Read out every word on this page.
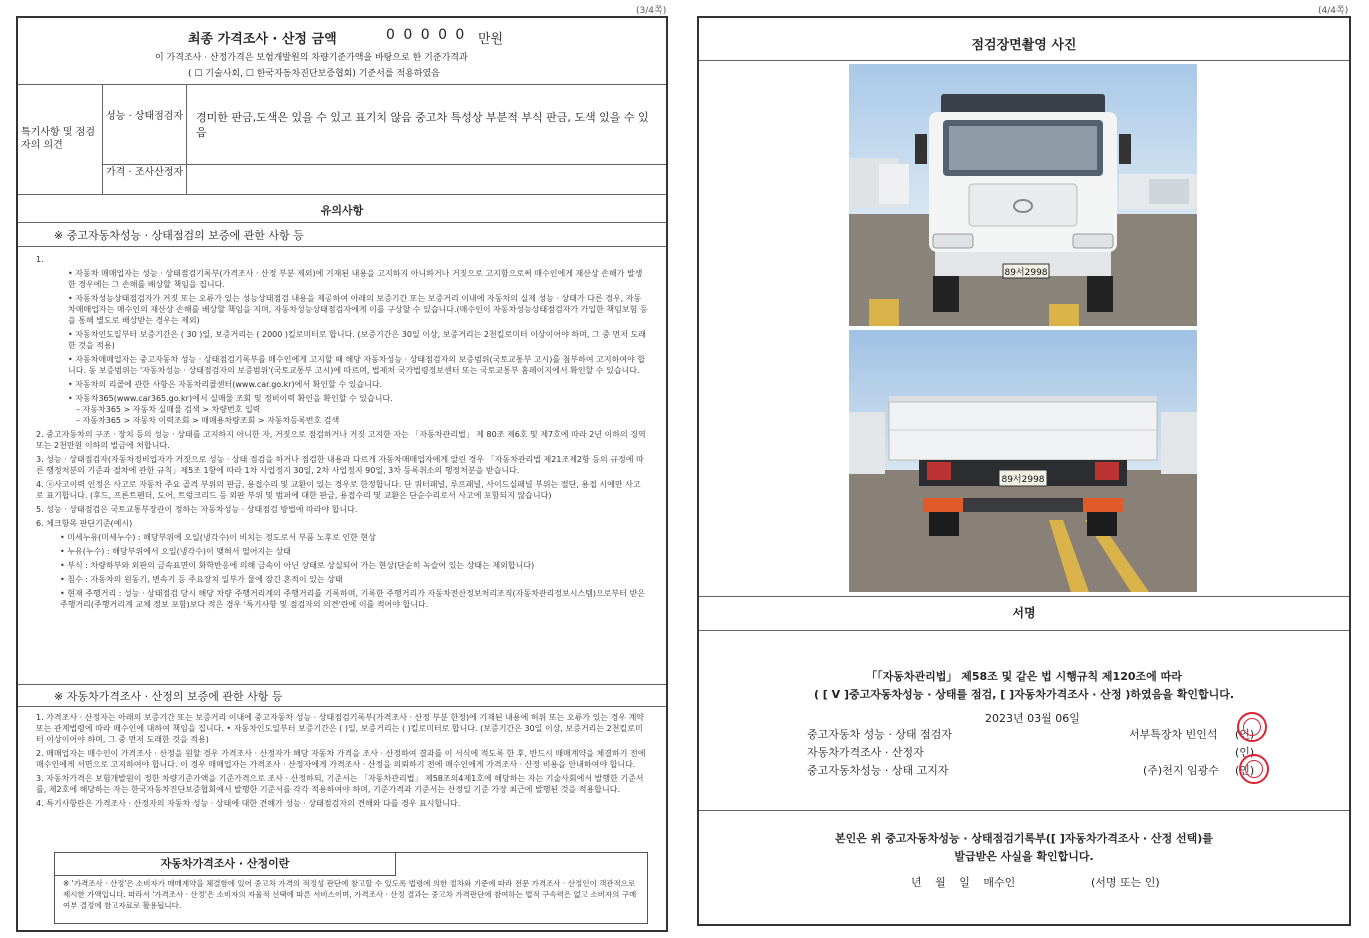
(3/4쪽)
최종 가격조사 · 산정 금액	0 0 0 0 0 만원
이 가격조사 · 산정가격은 보험개발원의 차량기준가액을 바탕으로 한 기준가격과
( ☐ 기술사회, ☐ 한국자동차진단보증협회) 기준서를 적용하였음
특기사항 및 점검자의 의견
성능 · 상태점검자 경미한 판금,도색은 있을 수 있고 표기치 않음 중고차 특성상 부분적 부식 판금, 도색 있을 수 있음
가격 · 조사산정자
유의사항
※ 중고자동차성능 · 상태점검의 보증에 관한 사항 등
1.
• 자동차 매매업자는 성능 · 상태점검기록부(가격조사 · 산정 부분 제외)에 기재된 내용을 고지하지 아니하거나 거짓으로 고지함으로써 매수인에게 재산상 손해가 발생한 경우에는 그 손해를 배상할 책임을 집니다.
• 자동차성능상태점검자가 거짓 또는 오류가 있는 성능상태점검 내용을 제공하여 아래의 보증기간 또는 보증거리 이내에 자동차의 실제 성능 · 상태가 다른 경우, 자동차매매업자는 매수인의 재산상 손해를 배상할 책임을 지며, 자동차성능상태점검자에게 이를 구상할 수 있습니다.(매수인이 자동차성능상태점검자가 가입한 책임보험 등을 통해 별도로 배상받는 경우는 제외)
• 자동차인도일부터 보증기간은 ( 30 )일, 보증거리는 ( 2000 )킬로미터로 합니다. (보증기간은 30일 이상, 보증거리는 2천킬로미터 이상이어야 하며, 그 중 먼저 도래한 것을 적용)
• 자동차매매업자는 중고자동차 성능 · 상태점검기록부를 매수인에게 고지할 때 해당 자동차성능 · 상태점검자의 보증범위(국토교통부 고시)를 첨부하여 고지하여야 합니다. 동 보증범위는 '자동차성능 · 상태점검자의 보증범위'(국토교통부 고시)에 따르며, 법제처 국가법령정보센터 또는 국토교통부 홈페이지에서 확인할 수 있습니다.
• 자동차의 리콜에 관한 사항은 자동차리콜센터(www.car.go.kr)에서 확인할 수 있습니다.
• 자동차365(www.car365.go.kr)에서 실매물 조회 및 정비이력 확인을 확인할 수 있습니다.
– 자동차365 > 자동차 실매물 검색 > 차량번호 입력
– 자동차365 > 자동차 이력조회 > 매매용차량조회 > 자동차등록번호 검색
2. 중고자동차의 구조 · 장치 등의 성능 · 상태를 고지하지 아니한 자, 거짓으로 점검하거나 거짓 고지한 자는 「자동차관리법」 제 80조 제6호 및 제7호에 따라 2년 이하의 징역 또는 2천만원 이하의 벌금에 처합니다.
3. 성능 · 상태점검자(자동차정비업자가 거짓으로 성능 · 상태 점검을 하거나 점검한 내용과 다르게 자동차매매업자에게 알린 경우 「자동차관리법 제21조제2항 등의 규정에 따른 행정처분의 기준과 절차에 관한 규칙」제5조 1항에 따라 1차 사업정지 30일, 2차 사업정지 90일, 3차 등록취소의 행정처분을 받습니다.
4. ⓐ사고이력 인정은 사고로 자동차 주요 골격 부위의 판금, 용접수리 및 교환이 있는 경우로 한정합니다. 단 쿼터패널, 루프패널, 사이드실패널 부위는 절단, 용접 시에만 사고로 표기합니다. (후드, 프론트펜더, 도어, 트렁크리드 등 외판 부위 및 범퍼에 대한 판금, 용접수리 및 교환은 단순수리로서 사고에 포함되지 않습니다)
5. 성능 · 상태점검은 국토교통부장관이 정하는 자동차성능 · 상태점검 방법에 따라야 합니다.
6. 체크항목 판단기준(예시)
• 미세누유(미세누수) : 해당부위에 오일(냉각수)이 비치는 정도로서 부품 노후로 인한 현상
• 누유(누수) : 해당부위에서 오일(냉각수)이 맺혀서 떨어지는 상태
• 부식 : 차량하부와 외판의 금속표면이 화학반응에 의해 금속이 아닌 상태로 상실되어 가는 현상(단순히 녹슬어 있는 상태는 제외합니다)
• 침수 : 자동차의 원동기, 변속기 등 주요장치 일부가 물에 잠긴 흔적이 있는 상태
• 현재 주행거리 : 성능 · 상태점검 당시 해당 차량 주행거리계의 주행거리를 기록하며, 기록한 주행거리가 자동차전산정보처리조직(자동차관리정보시스템)으로부터 받은 주행거리(주행거리계 교체 정보 포함)보다 적은 경우 '특기사항 및 점검자의 의견'란에 이를 적어야 합니다.
※ 자동차가격조사 · 산정의 보증에 관한 사항 등
1. 가격조사 · 산정자는 아래의 보증기간 또는 보증거리 이내에 중고자동차 성능 · 상태점검기록부(가격조사 · 산정 부분 한정)에 기재된 내용에 허위 또는 오류가 있는 경우 계약 또는 관계법령에 따라 매수인에 대하여 책임을 집니다. • 자동차인도일부터 보증기간은 ( )일, 보증거리는 ( )킬로미터로 합니다. (보증기간은 30일 이상, 보증거리는 2천킬로미터 이상이어야 하며, 그 중 먼저 도래한 것을 적용)
2. 매매업자는 매수인이 가격조사 · 산정을 원할 경우 가격조사 · 산정자가 해당 자동차 가격을 조사 · 산정하여 결과를 이 서식에 적도록 한 후, 반드시 매매계약을 체결하기 전에 매수인에게 서면으로 고지하여야 합니다. 이 경우 매매업자는 가격조사 · 산정자에게 가격조사 · 산정을 의뢰하기 전에 매수인에게 가격조사 · 산정 비용을 안내하여야 합니다.
3. 자동차가격은 보험개발원이 정한 차량기준가액을 기준가격으로 조사 · 산정하되, 기준서는 「자동차관리법」 제58조의4제1호에 해당하는 자는 기술사회에서 발행한 기준서를, 제2호에 해당하는 자는 한국자동차진단보증협회에서 발행한 기준서를 각각 적용하여야 하며, 기준가격과 기준서는 산정일 기준 가장 최근에 발행된 것을 적용합니다.
4. 특기사항란은 가격조사 · 산정자의 자동차 성능 · 상태에 대한 견해가 성능 · 상태점검자의 견해와 다를 경우 표시합니다.
자동차가격조사 · 산정이란
※ '가격조사 · 산정'은 소비자가 매매계약을 체결함에 있어 중고차 가격의 적정성 판단에 참고할 수 있도록 법령에 의한 절차와 기준에 따라 전문 가격조사 · 산정인이 객관적으로 제시한 가액입니다. 따라서 '가격조사 · 산정'은 소비자의 자율적 선택에 따른 서비스이며, 가격조사 · 산정 결과는 중고차 가격판단에 참여하는 법적 구속력은 없고 소비자의 구매여부 결정에 참고자료로 활용됩니다.
(4/4쪽)
점검장면촬영 사진
89서2998
89서2998
서명
「「자동차관리법」 제58조 및 같은 법 시행규칙 제120조에 따라
( [ V ]중고자동차성능 · 상태를 점검, [ ]자동차가격조사 · 산정 )하였음을 확인합니다.
2023년 03월 06일
중고자동차 성능 · 상태 점검자	서부특장차 빈인석 (인)
자동차가격조사 · 산정자	(인)
중고자동차성능 · 상태 고지자	(주)천지 임광수 (인)
본인은 위 중고자동차성능 · 상태점검기록부([ ]자동차가격조사 · 산정 선택)를
발급받은 사실을 확인합니다.
년 월 일 매수인	(서명 또는 인)
